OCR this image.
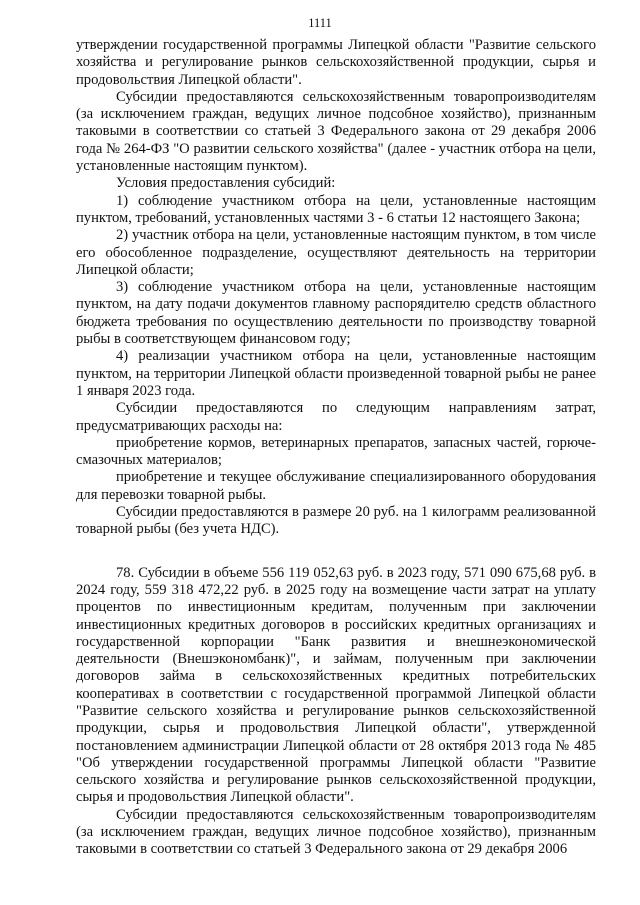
1111

утверждении государственной программы Липецкой области "Развитие сельского хозяйства и регулирование рынков сельскохозяйственной продукции, сырья и продовольствия Липецкой области".

Субсидии предоставляются сельскохозяйственным товаропроизводителям (за исключением граждан, ведущих личное подсобное хозяйство), признанным таковыми в соответствии со статьей 3 Федерального закона от 29 декабря 2006 года № 264-ФЗ "О развитии сельского хозяйства" (далее - участник отбора на цели, установленные настоящим пунктом).

Условия предоставления субсидий:

1) соблюдение участником отбора на цели, установленные настоящим пунктом, требований, установленных частями 3 - 6 статьи 12 настоящего Закона;

2) участник отбора на цели, установленные настоящим пунктом, в том числе его обособленное подразделение, осуществляют деятельность на территории Липецкой области;

3) соблюдение участником отбора на цели, установленные настоящим пунктом, на дату подачи документов главному распорядителю средств областного бюджета требования по осуществлению деятельности по производству товарной рыбы в соответствующем финансовом году;

4) реализации участником отбора на цели, установленные настоящим пунктом, на территории Липецкой области произведенной товарной рыбы не ранее 1 января 2023 года.

Субсидии предоставляются по следующим направлениям затрат, предусматривающих расходы на:

приобретение кормов, ветеринарных препаратов, запасных частей, горюче-смазочных материалов;

приобретение и текущее обслуживание специализированного оборудования для перевозки товарной рыбы.

Субсидии предоставляются в размере 20 руб. на 1 килограмм реализованной товарной рыбы (без учета НДС).

78. Субсидии в объеме 556 119 052,63 руб. в 2023 году, 571 090 675,68 руб. в 2024 году, 559 318 472,22 руб. в 2025 году на возмещение части затрат на уплату процентов по инвестиционным кредитам, полученным при заключении инвестиционных кредитных договоров в российских кредитных организациях и государственной корпорации "Банк развития и внешнеэкономической деятельности (Внешэкономбанк)", и займам, полученным при заключении договоров займа в сельскохозяйственных кредитных потребительских кооперативах в соответствии с государственной программой Липецкой области "Развитие сельского хозяйства и регулирование рынков сельскохозяйственной продукции, сырья и продовольствия Липецкой области", утвержденной постановлением администрации Липецкой области от 28 октября 2013 года № 485 "Об утверждении государственной программы Липецкой области "Развитие сельского хозяйства и регулирование рынков сельскохозяйственной продукции, сырья и продовольствия Липецкой области".

Субсидии предоставляются сельскохозяйственным товаропроизводителям (за исключением граждан, ведущих личное подсобное хозяйство), признанным таковыми в соответствии со статьей 3 Федерального закона от 29 декабря 2006
